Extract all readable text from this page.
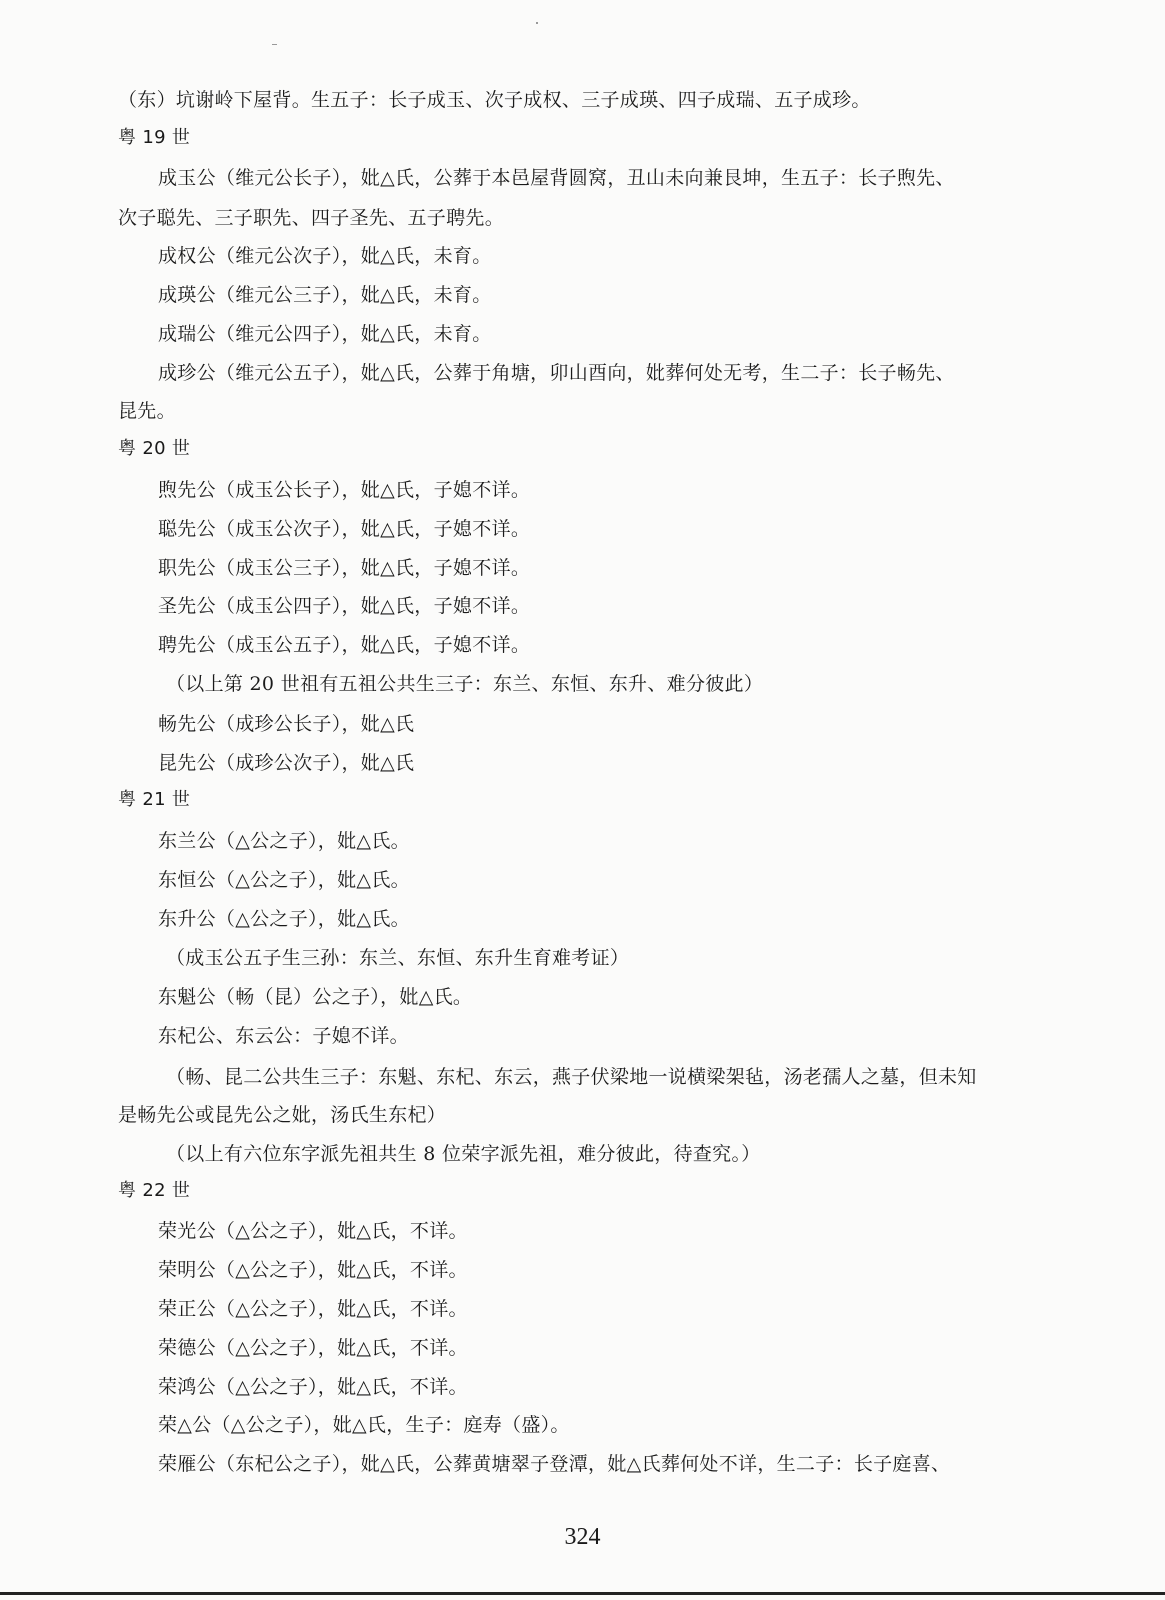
（东）坑谢岭下屋背。生五子：长子成玉、次子成权、三子成瑛、四子成瑞、五子成珍。
粤 19 世
成玉公（维元公长子），妣△氏，公葬于本邑屋背圆窝，丑山未向兼艮坤，生五子：长子煦先、
次子聪先、三子职先、四子圣先、五子聘先。
成权公（维元公次子），妣△氏，未育。
成瑛公（维元公三子），妣△氏，未育。
成瑞公（维元公四子），妣△氏，未育。
成珍公（维元公五子），妣△氏，公葬于角塘，卯山酉向，妣葬何处无考，生二子：长子畅先、
昆先。
粤 20 世
煦先公（成玉公长子），妣△氏，子媳不详。
聪先公（成玉公次子），妣△氏，子媳不详。
职先公（成玉公三子），妣△氏，子媳不详。
圣先公（成玉公四子），妣△氏，子媳不详。
聘先公（成玉公五子），妣△氏，子媳不详。
（以上第 20 世祖有五祖公共生三子：东兰、东恒、东升、难分彼此）
畅先公（成珍公长子），妣△氏
昆先公（成珍公次子），妣△氏
粤 21 世
东兰公（△公之子），妣△氏。
东恒公（△公之子），妣△氏。
东升公（△公之子），妣△氏。
（成玉公五子生三孙：东兰、东恒、东升生育难考证）
东魁公（畅（昆）公之子），妣△氏。
东杞公、东云公：子媳不详。
（畅、昆二公共生三子：东魁、东杞、东云，燕子伏梁地一说横梁架毡，汤老孺人之墓，但未知
是畅先公或昆先公之妣，汤氏生东杞）
（以上有六位东字派先祖共生 8 位荣字派先祖，难分彼此，待查究。）
粤 22 世
荣光公（△公之子），妣△氏，不详。
荣明公（△公之子），妣△氏，不详。
荣正公（△公之子），妣△氏，不详。
荣德公（△公之子），妣△氏，不详。
荣鸿公（△公之子），妣△氏，不详。
荣△公（△公之子），妣△氏，生子：庭寿（盛）。
荣雁公（东杞公之子），妣△氏，公葬黄塘翠子登潭，妣△氏葬何处不详，生二子：长子庭喜、
324
